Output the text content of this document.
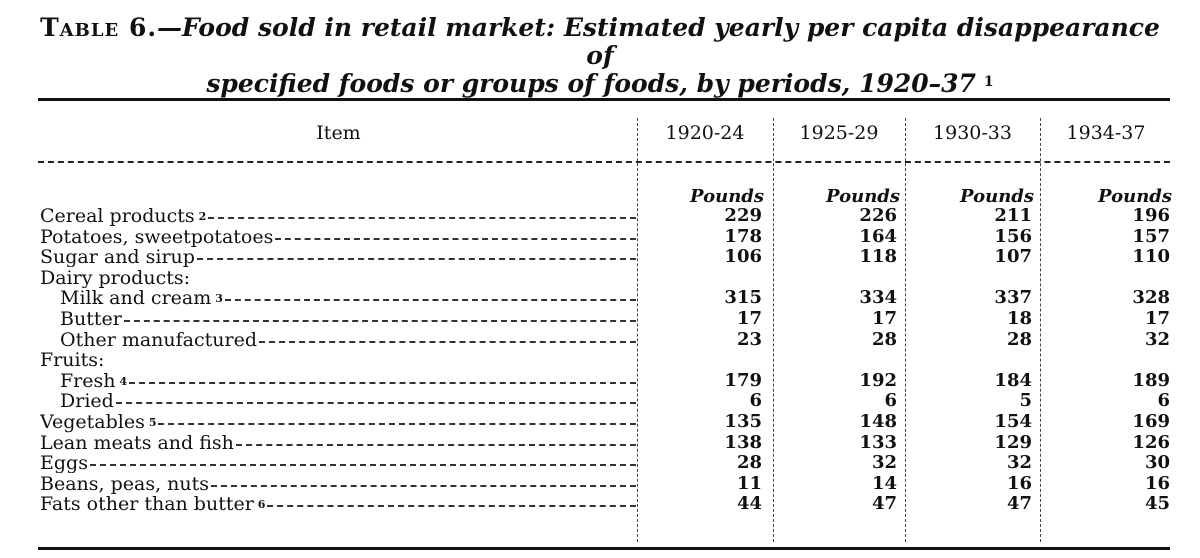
Table 6.—Food sold in retail market: Estimated yearly per capita disappearance of
specified foods or groups of foods, by periods, 1920–37 $^1$
Item	1920-24	1925-29	1930-33	1934-37
Pounds	Pounds	Pounds	Pounds
Cereal products $^2$	229	226	211	196
Potatoes, sweetpotatoes	178	164	156	157
Sugar and sirup	106	118	107	110
Dairy products:
Milk and cream $^3$	315	334	337	328
Butter	17	17	18	17
Other manufactured	23	28	28	32
Fruits:
Fresh $^4$	179	192	184	189
Dried	6	6	5	6
Vegetables $^5$	135	148	154	169
Lean meats and fish	138	133	129	126
Eggs	28	32	32	30
Beans, peas, nuts	11	14	16	16
Fats other than butter $^6$	44	47	47	45
